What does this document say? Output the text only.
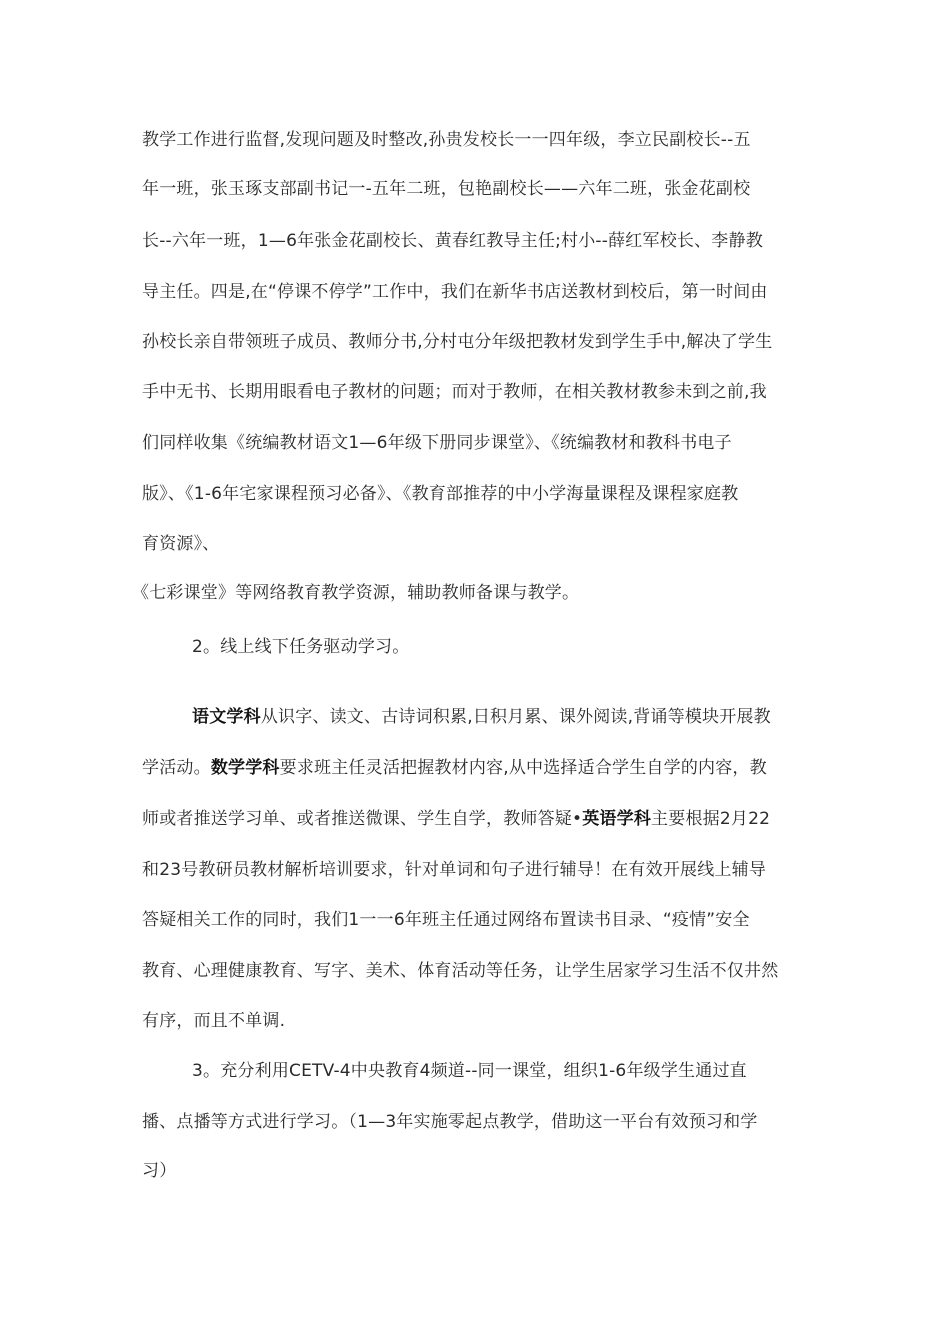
教学工作进行监督,发现问题及时整改,孙贵发校长一一四年级，李立民副校长--五
年一班，张玉琢支部副书记一-五年二班，包艳副校长——六年二班，张金花副校
长--六年一班，1—6年张金花副校长、黄春红教导主任;村小--薛红军校长、李静教
导主任。四是,在“停课不停学”工作中，我们在新华书店送教材到校后，第一时间由
孙校长亲自带领班子成员、教师分书,分村屯分年级把教材发到学生手中,解决了学生
手中无书、长期用眼看电子教材的问题；而对于教师，在相关教材教参未到之前,我
们同样收集《统编教材语文1—6年级下册同步课堂》、《统编教材和教科书电子
版》、《1-6年宅家课程预习必备》、《教育部推荐的中小学海量课程及课程家庭教
育资源》、
《七彩课堂》等网络教育教学资源，辅助教师备课与教学。
2。线上线下任务驱动学习。
语文学科从识字、读文、古诗词积累,日积月累、课外阅读,背诵等模块开展教
学活动。数学学科要求班主任灵活把握教材内容,从中选择适合学生自学的内容，教
师或者推送学习单、或者推送微课、学生自学，教师答疑•英语学科主要根据2月22
和23号教研员教材解析培训要求，针对单词和句子进行辅导！在有效开展线上辅导
答疑相关工作的同时，我们1一一6年班主任通过网络布置读书目录、“疫情”安全
教育、心理健康教育、写字、美术、体育活动等任务，让学生居家学习生活不仅井然
有序，而且不单调.
3。充分利用CETV-4中央教育4频道--同一课堂，组织1-6年级学生通过直
播、点播等方式进行学习。（1—3年实施零起点教学，借助这一平台有效预习和学
习）
